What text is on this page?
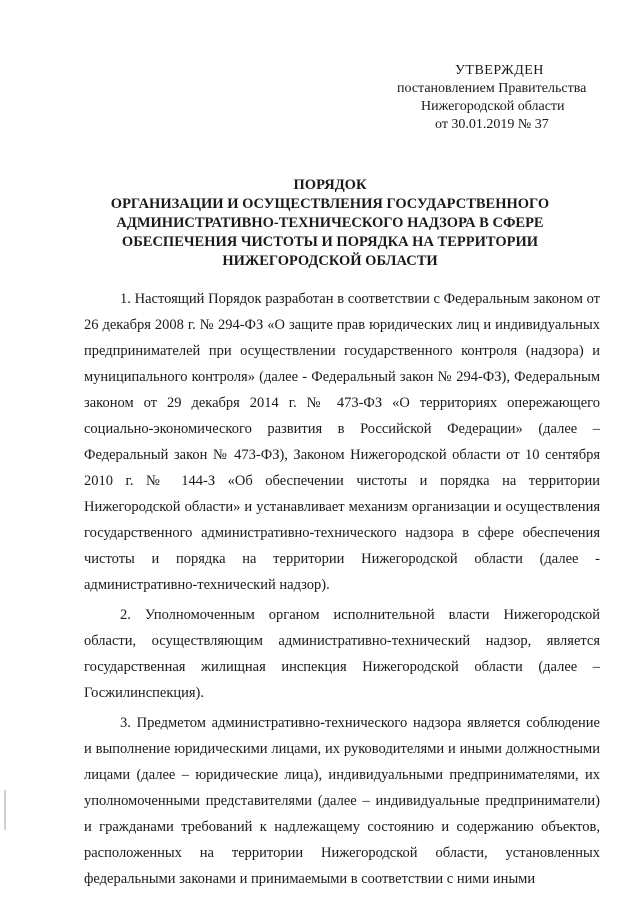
УТВЕРЖДЕН
постановлением Правительства
Нижегородской области
от 30.01.2019 № 37
ПОРЯДОК
ОРГАНИЗАЦИИ И ОСУЩЕСТВЛЕНИЯ ГОСУДАРСТВЕННОГО
АДМИНИСТРАТИВНО-ТЕХНИЧЕСКОГО НАДЗОРА В СФЕРЕ
ОБЕСПЕЧЕНИЯ ЧИСТОТЫ И ПОРЯДКА НА ТЕРРИТОРИИ
НИЖЕГОРОДСКОЙ ОБЛАСТИ

1. Настоящий Порядок разработан в соответствии с Федеральным законом от 26 декабря 2008 г. № 294-ФЗ «О защите прав юридических лиц и индивидуальных предпринимателей при осуществлении государственного контроля (надзора) и муниципального контроля» (далее - Федеральный закон № 294-ФЗ), Федеральным законом от 29 декабря 2014 г. № 473-ФЗ «О территориях опережающего социально-экономического развития в Российской Федерации» (далее – Федеральный закон № 473-ФЗ), Законом Нижегородской области от 10 сентября 2010 г. № 144-З «Об обеспечении чистоты и порядка на территории Нижегородской области» и устанавливает механизм организации и осуществления государственного административно-технического надзора в сфере обеспечения чистоты и порядка на территории Нижегородской области (далее - административно-технический надзор).

2. Уполномоченным органом исполнительной власти Нижегородской области, осуществляющим административно-технический надзор, является государственная жилищная инспекция Нижегородской области (далее – Госжилинспекция).

3. Предметом административно-технического надзора является соблюдение и выполнение юридическими лицами, их руководителями и иными должностными лицами (далее – юридические лица), индивидуальными предпринимателями, их уполномоченными представителями (далее – индивидуальные предприниматели) и гражданами требований к надлежащему состоянию и содержанию объектов, расположенных на территории Нижегородской области, установленных федеральными законами и принимаемыми в соответствии с ними иными
